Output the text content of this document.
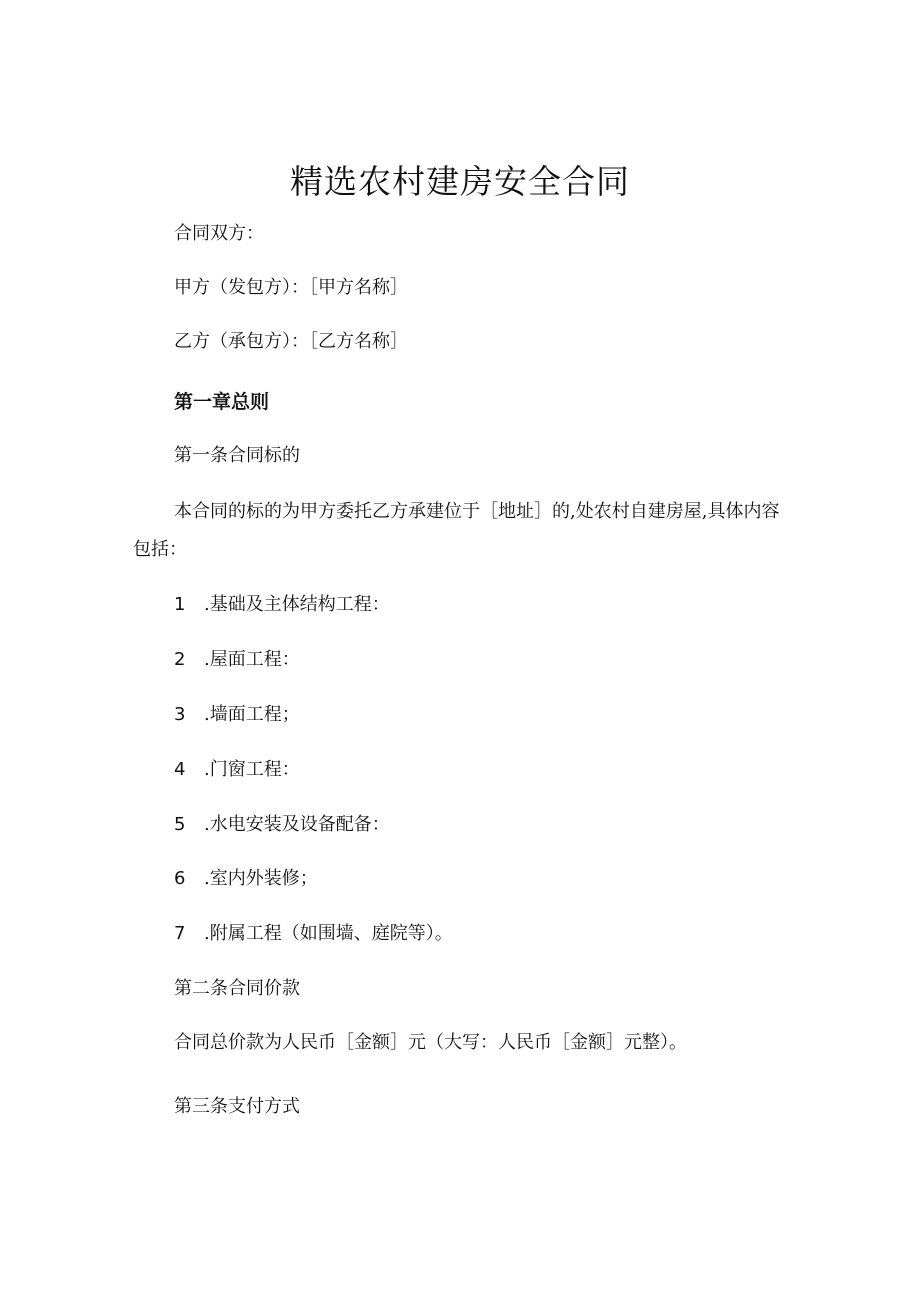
精选农村建房安全合同

合同双方：

甲方（发包方）：［甲方名称］

乙方（承包方）：［乙方名称］

第一章总则

第一条合同标的

本合同的标的为甲方委托乙方承建位于［地址］的,处农村自建房屋,具体内容包括：

1 .基础及主体结构工程：
2 .屋面工程：
3 .墙面工程；
4 .门窗工程：
5 .水电安装及设备配备：
6 .室内外装修；
7 .附属工程（如围墙、庭院等）。

第二条合同价款

合同总价款为人民币［金额］元（大写：人民币［金额］元整）。

第三条支付方式
